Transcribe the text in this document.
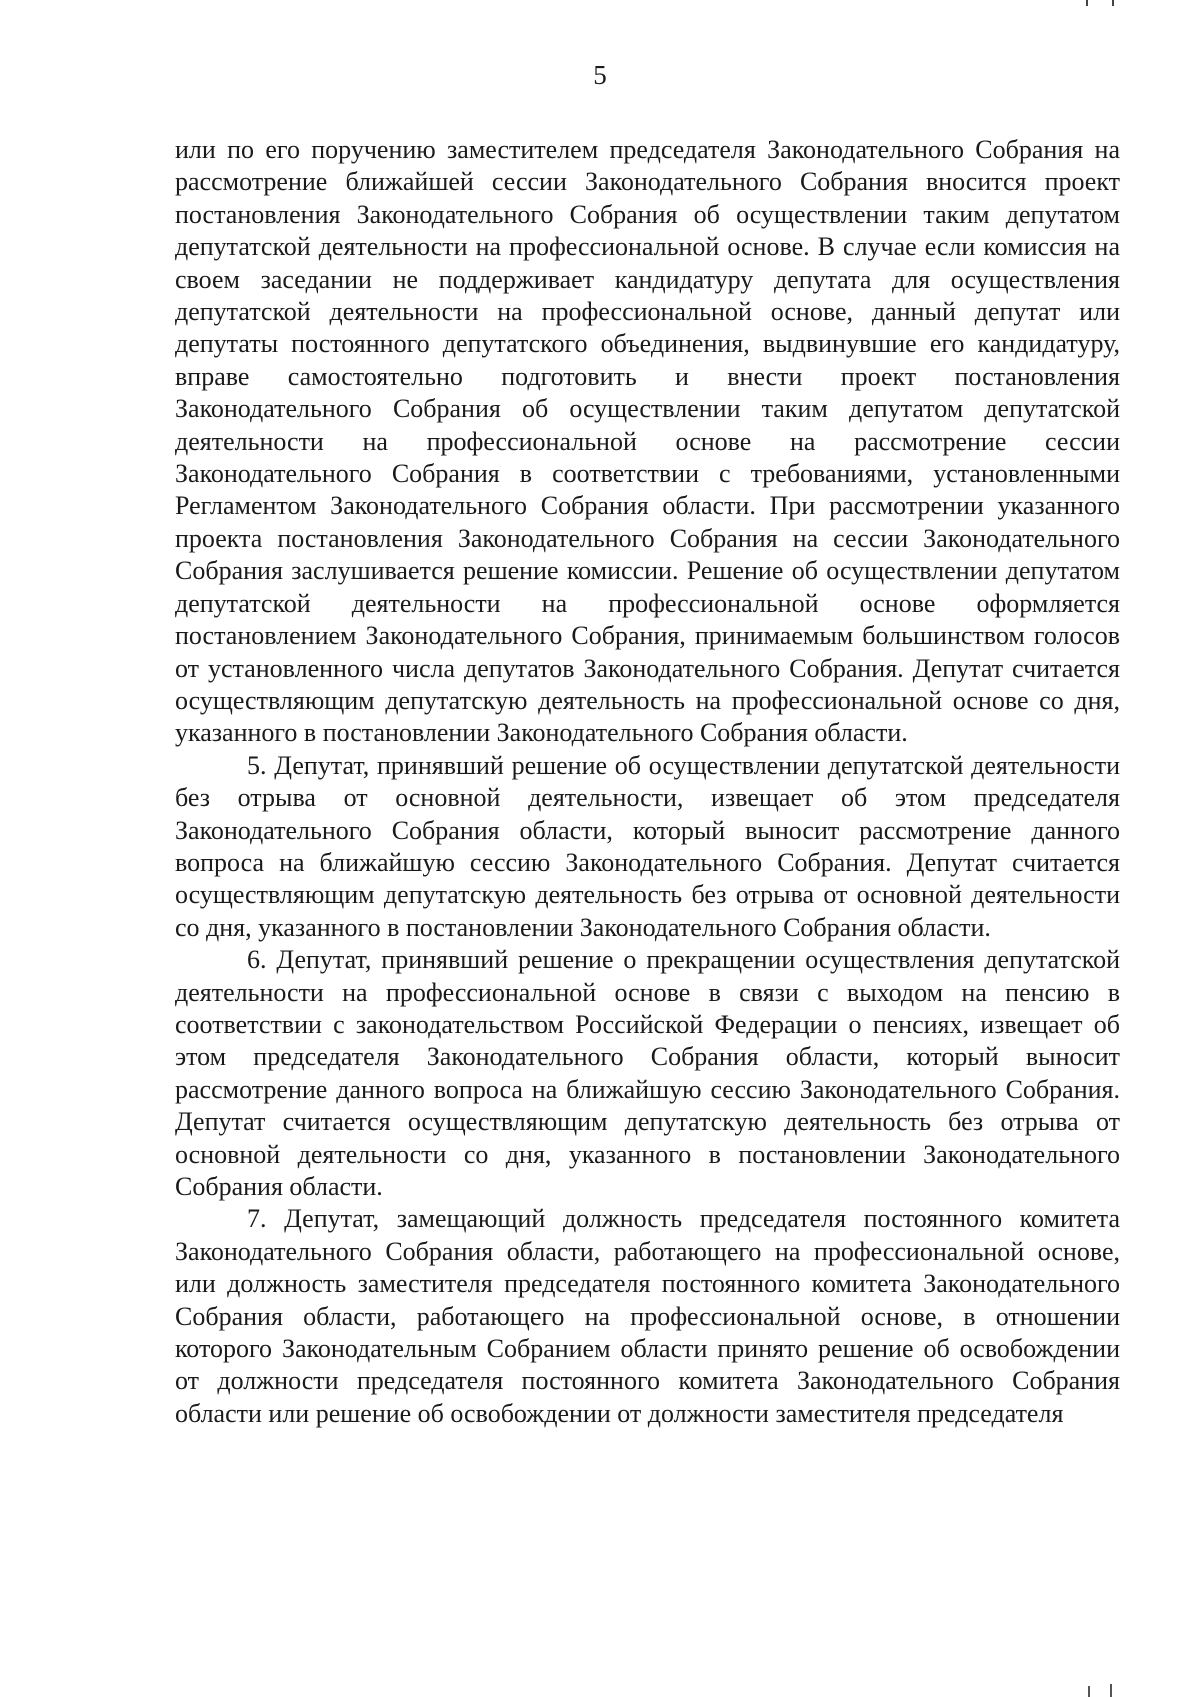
5

или по его поручению заместителем председателя Законодательного Собрания на рассмотрение ближайшей сессии Законодательного Собрания вносится проект постановления Законодательного Собрания об осуществлении таким депутатом депутатской деятельности на профессиональной основе. В случае если комиссия на своем заседании не поддерживает кандидатуру депутата для осуществления депутатской деятельности на профессиональной основе, данный депутат или депутаты постоянного депутатского объединения, выдвинувшие его кандидатуру, вправе самостоятельно подготовить и внести проект постановления Законодательного Собрания об осуществлении таким депутатом депутатской деятельности на профессиональной основе на рассмотрение сессии Законодательного Собрания в соответствии с требованиями, установленными Регламентом Законодательного Собрания области. При рассмотрении указанного проекта постановления Законодательного Собрания на сессии Законодательного Собрания заслушивается решение комиссии. Решение об осуществлении депутатом депутатской деятельности на профессиональной основе оформляется постановлением Законодательного Собрания, принимаемым большинством голосов от установленного числа депутатов Законодательного Собрания. Депутат считается осуществляющим депутатскую деятельность на профессиональной основе со дня, указанного в постановлении Законодательного Собрания области.

5. Депутат, принявший решение об осуществлении депутатской деятельности без отрыва от основной деятельности, извещает об этом председателя Законодательного Собрания области, который выносит рассмотрение данного вопроса на ближайшую сессию Законодательного Собрания. Депутат считается осуществляющим депутатскую деятельность без отрыва от основной деятельности со дня, указанного в постановлении Законодательного Собрания области.

6. Депутат, принявший решение о прекращении осуществления депутатской деятельности на профессиональной основе в связи с выходом на пенсию в соответствии с законодательством Российской Федерации о пенсиях, извещает об этом председателя Законодательного Собрания области, который выносит рассмотрение данного вопроса на ближайшую сессию Законодательного Собрания. Депутат считается осуществляющим депутатскую деятельность без отрыва от основной деятельности со дня, указанного в постановлении Законодательного Собрания области.

7. Депутат, замещающий должность председателя постоянного комитета Законодательного Собрания области, работающего на профессиональной основе, или должность заместителя председателя постоянного комитета Законодательного Собрания области, работающего на профессиональной основе, в отношении которого Законодательным Собранием области принято решение об освобождении от должности председателя постоянного комитета Законодательного Собрания области или решение об освобождении от должности заместителя председателя
